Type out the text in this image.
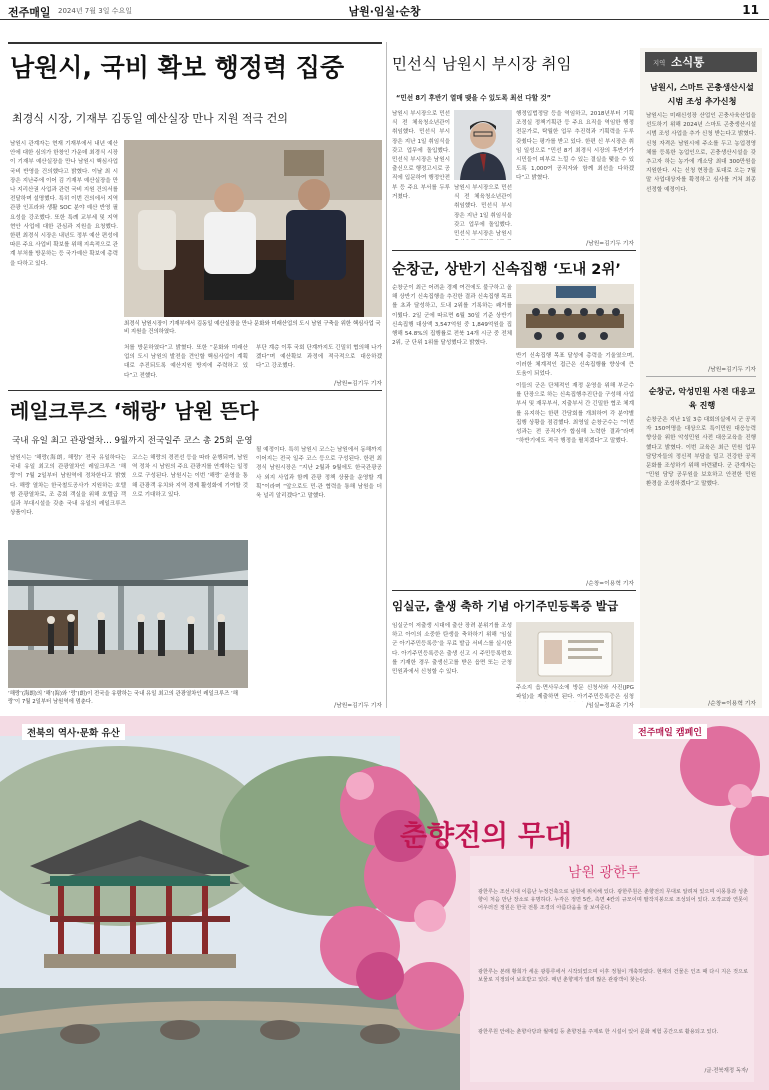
전주매일 2024년 7월 3일 수요일	남원·임실·순창	11
남원시, 국비 확보 행정력 집중
최경식 시장, 기재부 김동일 예산실장 만나 지원 적극 건의
남원시 관계자는 현재 기재부에서 내년 예산안에 대한 심의가 한창인 가운데 최경식 시장이 기재부 예산실장을 만나 남원시 핵심사업 국비 반영을 건의했다고 밝혔다. 이날 최 시장은 지난주에 이어 김 기재부 예산실장을 만나 지리산권 사업과 관련 국비 지원 건의서를 전달하며 설명했다. 특히 이번 건의에서 지역 관광 인프라와 생활 SOC 분야 예산 반영 필요성을 강조했다. 또한 특례 교부세 및 지역 현안 사업에 대한 관심과 지원을 요청했다. 한편 최경식 시장은 내년도 정부 예산 편성에 따른 주요 사업비 확보를 위해 지속적으로 관계 부처를 방문하는 등 국가예산 확보에 총력을 다하고 있다.
최경식 남원시장이 기재부에서 김동일 예산실장을 만나 문화와 미래산업의 도시 남원 구축을 위한 핵심사업 국비 지원을 건의하였다.
처를 방문하였다”고 밝혔다. 또한 “문화와 미래산업의 도시 남원의 발전을 견인할 핵심사업이 계획대로 추진되도록 예산지원 방지에 주력하고 있다”고 전했다.
부단 계층 이후 국회 단계까지도 긴밀히 협의해 나가겠다”며 예산확보 과정에 적극적으로 대응하겠다”고 강조했다.
/남원=김기두 기자
레일크루즈 ‘해랑’ 남원 뜬다
국내 유일 최고 관광열차… 9월까지 전국일주 코스 총 25회 운영
남원시는 ‘해랑(海朗, 해랑)’ 전국 유일하다는 국내 유일 최고의 관광열차인 레일크루즈 ‘해랑’이 7월 2일부터 남원역에 정차한다고 밝혔다. 해랑 열차는 한국철도공사가 지원하는 호텔형 관광열차로, 조 총회 객실을 위해 호텔급 객실과 부대시설을 갖춘 국내 유일의 레일크루즈 상품이다.
코스는 해랑의 경전선 등을 따라 운행되며, 남원역 정차 시 남원의 주요 관광지를 연계하는 일정으로 구성된다. 남원시는 이번 ‘해랑’ 운영을 통해 관광객 유치와 지역 경제 활성화에 기여할 것으로 기대하고 있다.
‘해랑’(海朗)의 ‘해’(海)와 ‘랑’(朗)이 전국을 유람하는 국내 유일 최고의 관광열차인 레일크루즈 ‘해랑’이 7월 2일부터 남원역에 멈춘다.
될 예정이다. 특히 남원시 코스는 남원에서 동해까지 이어지는 전국 일주 코스 등으로 구성된다. 한편 최경식 남원시장은 “지난 2월과 9월에도 한국관광공사 외지 사업과 함께 관광 정책 상품을 운영할 계획”이라며 “앞으로도 민·관 협력을 통해 남원을 더욱 널리 알리겠다”고 말했다.
/남원=김기두 기자
민선식 남원시 부시장 취임
“민선 8기 후반기 열매 맺을 수 있도록 최선 다할 것”
남원시 부시장으로 민선식 전 체육청소년관이 취임했다. 민선식 부시장은 지난 1일 취임식을 갖고 업무에 돌입했다. 민선식 부시장은 남원시 출신으로 행정고시로 공직에 입문하여 행정안전부 등 주요 부서를 두루 거쳤다.
남원시 부시장으로 민선식 전 체육청소년관이 취임했다. 민선식 부시장은 지난 1일 취임식을 갖고 업무에 돌입했다. 민선식 부시장은 남원시
행정입법정담 등을 역임하고, 2018년부터 기획조정실 정책기획관 등 주요 요직을 역임한 행정전문가로, 탁월한 업무 추진력과 기획력을 두루 갖췄다는 평가를 받고 있다. 한편 신 부시장은 취임 일성으로 “민선 8기 최경식 시장의 후반기가 시민들이 피부로 느낄 수 있는 결실을 맺을 수 있도록 1,000여 공직자와 함께 최선을 다하겠다”고 밝혔다.
/남원=김기두 기자
순창군, 상반기 신속집행 ‘도내 2위’
순창군이 최근 어려운 경제 여건에도 불구하고 올해 상반기 신속집행을 추진한 결과 신속집행 목표를 초과 달성하고, 도내 2위를 기록하는 쾌거를 이뤘다. 2일 군에 따르면 6월 30일 기준 상반기 신속집행 대상액 3,547억원 중 1,849억원을 집행해 54.8%의 집행률로 전북 14개 시군 중 전체 2위, 군 단위 1위를 달성했다고 밝혔다.
반기 신속집행 목표 달성에 총력을 기울였으며, 이러한 체계적인 접근은 신속집행률 향상에 큰 도움이 되었다.
이들의 군은 단체적인 재정 운영을 위해 부군수를 단장으로 하는 신속집행추진단을 구성해 사업 부서 및 재무부서, 지출부서 간 긴밀한 협조 체계를 유지하는 한편 간담회를 개최하여 각 분야별 집행 상황을 점검했다. 최영일 순창군수는 “이번 성과는 전 공직자가 합심해 노력한 결과”라며 “하반기에도 적극 행정을 펼치겠다”고 말했다.
/순창=이용혁 기자
임실군, 출생 축하 기념 아기주민등록증 발급
임실군이 저출생 시대에 출산 장려 분위기를 조성하고 아이의 소중한 탄생을 축하하기 위해 ‘임실군 아기주민등록증’을 무료 발급 서비스를 실시한다. 아기주민등록증은 출생 신고 시 주민등록번호를 기재한 경우 출생신고를 받은 읍면 또는 군청 민원과에서 신청할 수 있다.
주소지 읍·면사무소에 방문 신청서와 사진(JPG 파일)을 제출하면 된다. 아기주민등록증은 심청
/임실=정효준 기자
지역 소식통
남원시, 스마트 곤충생산시설 시범 조성 추가신청
남원시는 미래신성장 산업인 곤충사육산업을 선도하기 위해 2024년 스마트 곤충생산시설 시범 조성 사업을 추가 신청 받는다고 밝혔다. 신청 자격은 남원시에 주소를 두고 농업경영체를 등록한 농업인으로, 곤충생산시설을 갖추고자 하는 농가에 개소당 최대 300만원을 지원한다. 시는 신청 현장을 토대로 오는 7월 말 사업대상자를 확정하고 심사를 거쳐 최종 선정할 예정이다.
/남원=김기두 기자
순창군, 악성민원 사전 대응교육 진행
순창군은 지난 1일 3층 대회의실에서 군 공직자 150여명을 대상으로 특이민원 대응능력 향상을 위한 악성민원 사전 대응교육을 진행했다고 밝혔다. 이번 교육은 최근 민원 업무 담당자들의 정신적 부담을 덜고 건강한 공직문화를 조성하기 위해 마련됐다. 군 관계자는 “민원 담당 공무원을 보호하고 안전한 민원 환경을 조성하겠다”고 말했다.
/순창=이용혁 기자
전북의 역사·문화 유산	전주매일 캠페인
춘향전의 무대
남원 광한루
광한루는 조선시대 이름난 누정건축으로 남원에 위치해 있다. 광한루원은 춘향전의 무대로 알려져 있으며 이몽룡과 성춘향이 처음 만난 장소로 유명하다. 누각은 정면 5칸, 측면 4칸의 규모이며 팔작지붕으로 조성되어 있다. 오작교와 연못이 어우러진 정원은 한국 전통 조경의 아름다움을 잘 보여준다.
광한루는 본래 황희가 세운 광통루에서 시작되었으며 이후 정철이 개축하였다. 현재의 건물은 인조 때 다시 지은 것으로 보물로 지정되어 보호받고 있다. 매년 춘향제가 열려 많은 관광객이 찾는다.
광한루원 안에는 춘향사당과 월매집 등 춘향전을 주제로 한 시설이 있어 문화 체험 공간으로 활용되고 있다.
/글·전북재정 독자/
